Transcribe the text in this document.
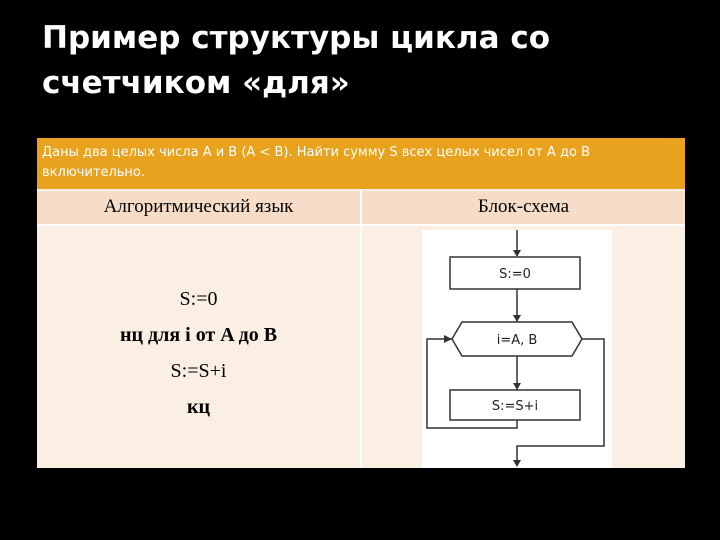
Пример структуры цикла со счетчиком «для»
Даны два целых числа A и B (A < B). Найти сумму S всех целых чисел от A до B включительно.
Алгоритмический язык	Блок-схема
S:=0
нц для i от A до B
S:=S+i
кц
S:=0
i=A, B
S:=S+i
